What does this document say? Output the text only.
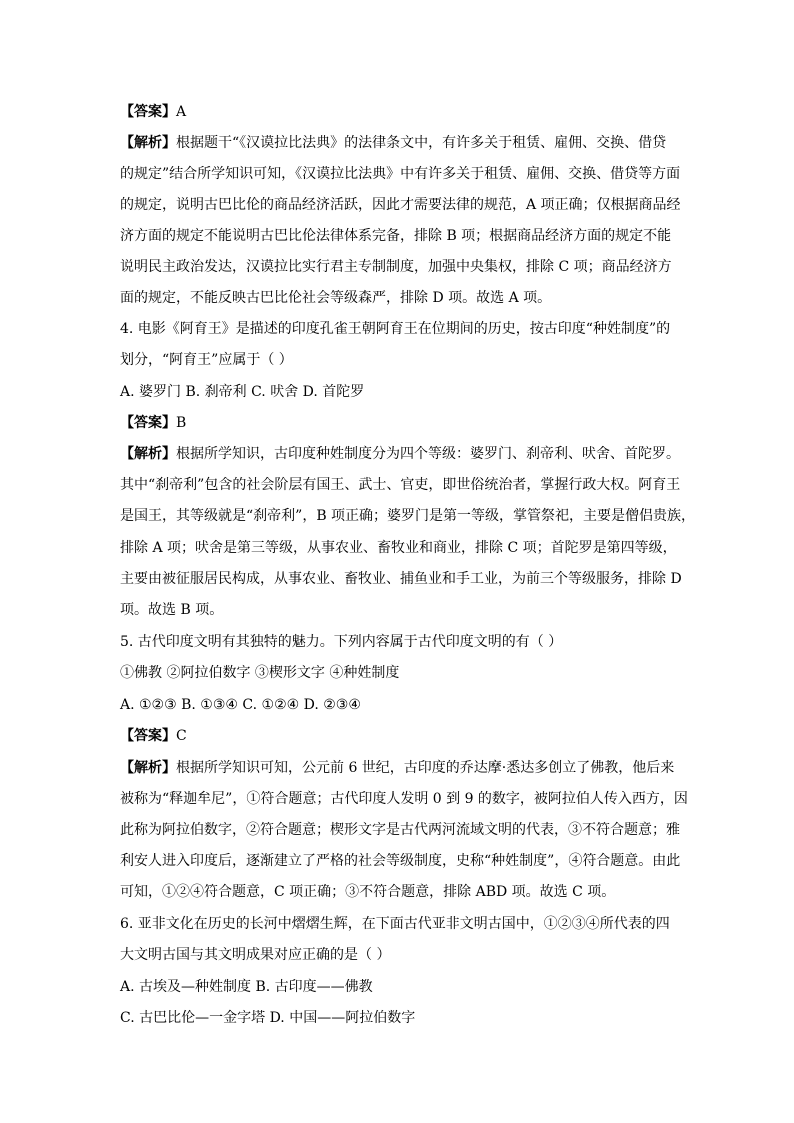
【答案】A
【解析】根据题干“《汉谟拉比法典》的法律条文中，有许多关于租赁、雇佣、交换、借贷
的规定”结合所学知识可知，《汉谟拉比法典》中有许多关于租赁、雇佣、交换、借贷等方面
的规定，说明古巴比伦的商品经济活跃，因此才需要法律的规范，A 项正确；仅根据商品经
济方面的规定不能说明古巴比伦法律体系完备，排除 B 项；根据商品经济方面的规定不能
说明民主政治发达，汉谟拉比实行君主专制制度，加强中央集权，排除 C 项；商品经济方
面的规定，不能反映古巴比伦社会等级森严，排除 D 项。故选 A 项。
4. 电影《阿育王》是描述的印度孔雀王朝阿育王在位期间的历史，按古印度“种姓制度”的
划分，“阿育王”应属于（ ）
A. 婆罗门 B. 刹帝利 C. 吠舍 D. 首陀罗
【答案】B
【解析】根据所学知识，古印度种姓制度分为四个等级：婆罗门、刹帝利、吠舍、首陀罗。
其中“刹帝利”包含的社会阶层有国王、武士、官吏，即世俗统治者，掌握行政大权。阿育王
是国王，其等级就是“刹帝利”，B 项正确；婆罗门是第一等级，掌管祭祀，主要是僧侣贵族，
排除 A 项；吠舍是第三等级，从事农业、畜牧业和商业，排除 C 项；首陀罗是第四等级，
主要由被征服居民构成，从事农业、畜牧业、捕鱼业和手工业，为前三个等级服务，排除 D
项。故选 B 项。
5. 古代印度文明有其独特的魅力。下列内容属于古代印度文明的有（ ）
①佛教 ②阿拉伯数字 ③楔形文字 ④种姓制度
A. ①②③ B. ①③④ C. ①②④ D. ②③④
【答案】C
【解析】根据所学知识可知，公元前 6 世纪，古印度的乔达摩·悉达多创立了佛教，他后来
被称为“释迦牟尼”，①符合题意；古代印度人发明 0 到 9 的数字，被阿拉伯人传入西方，因
此称为阿拉伯数字，②符合题意；楔形文字是古代两河流域文明的代表，③不符合题意；雅
利安人进入印度后，逐渐建立了严格的社会等级制度，史称“种姓制度”，④符合题意。由此
可知，①②④符合题意，C 项正确；③不符合题意，排除 ABD 项。故选 C 项。
6. 亚非文化在历史的长河中熠熠生辉，在下面古代亚非文明古国中，①②③④所代表的四
大文明古国与其文明成果对应正确的是（ ）
A. 古埃及—种姓制度 B. 古印度——佛教
C. 古巴比伦—一金字塔 D. 中国——阿拉伯数字
